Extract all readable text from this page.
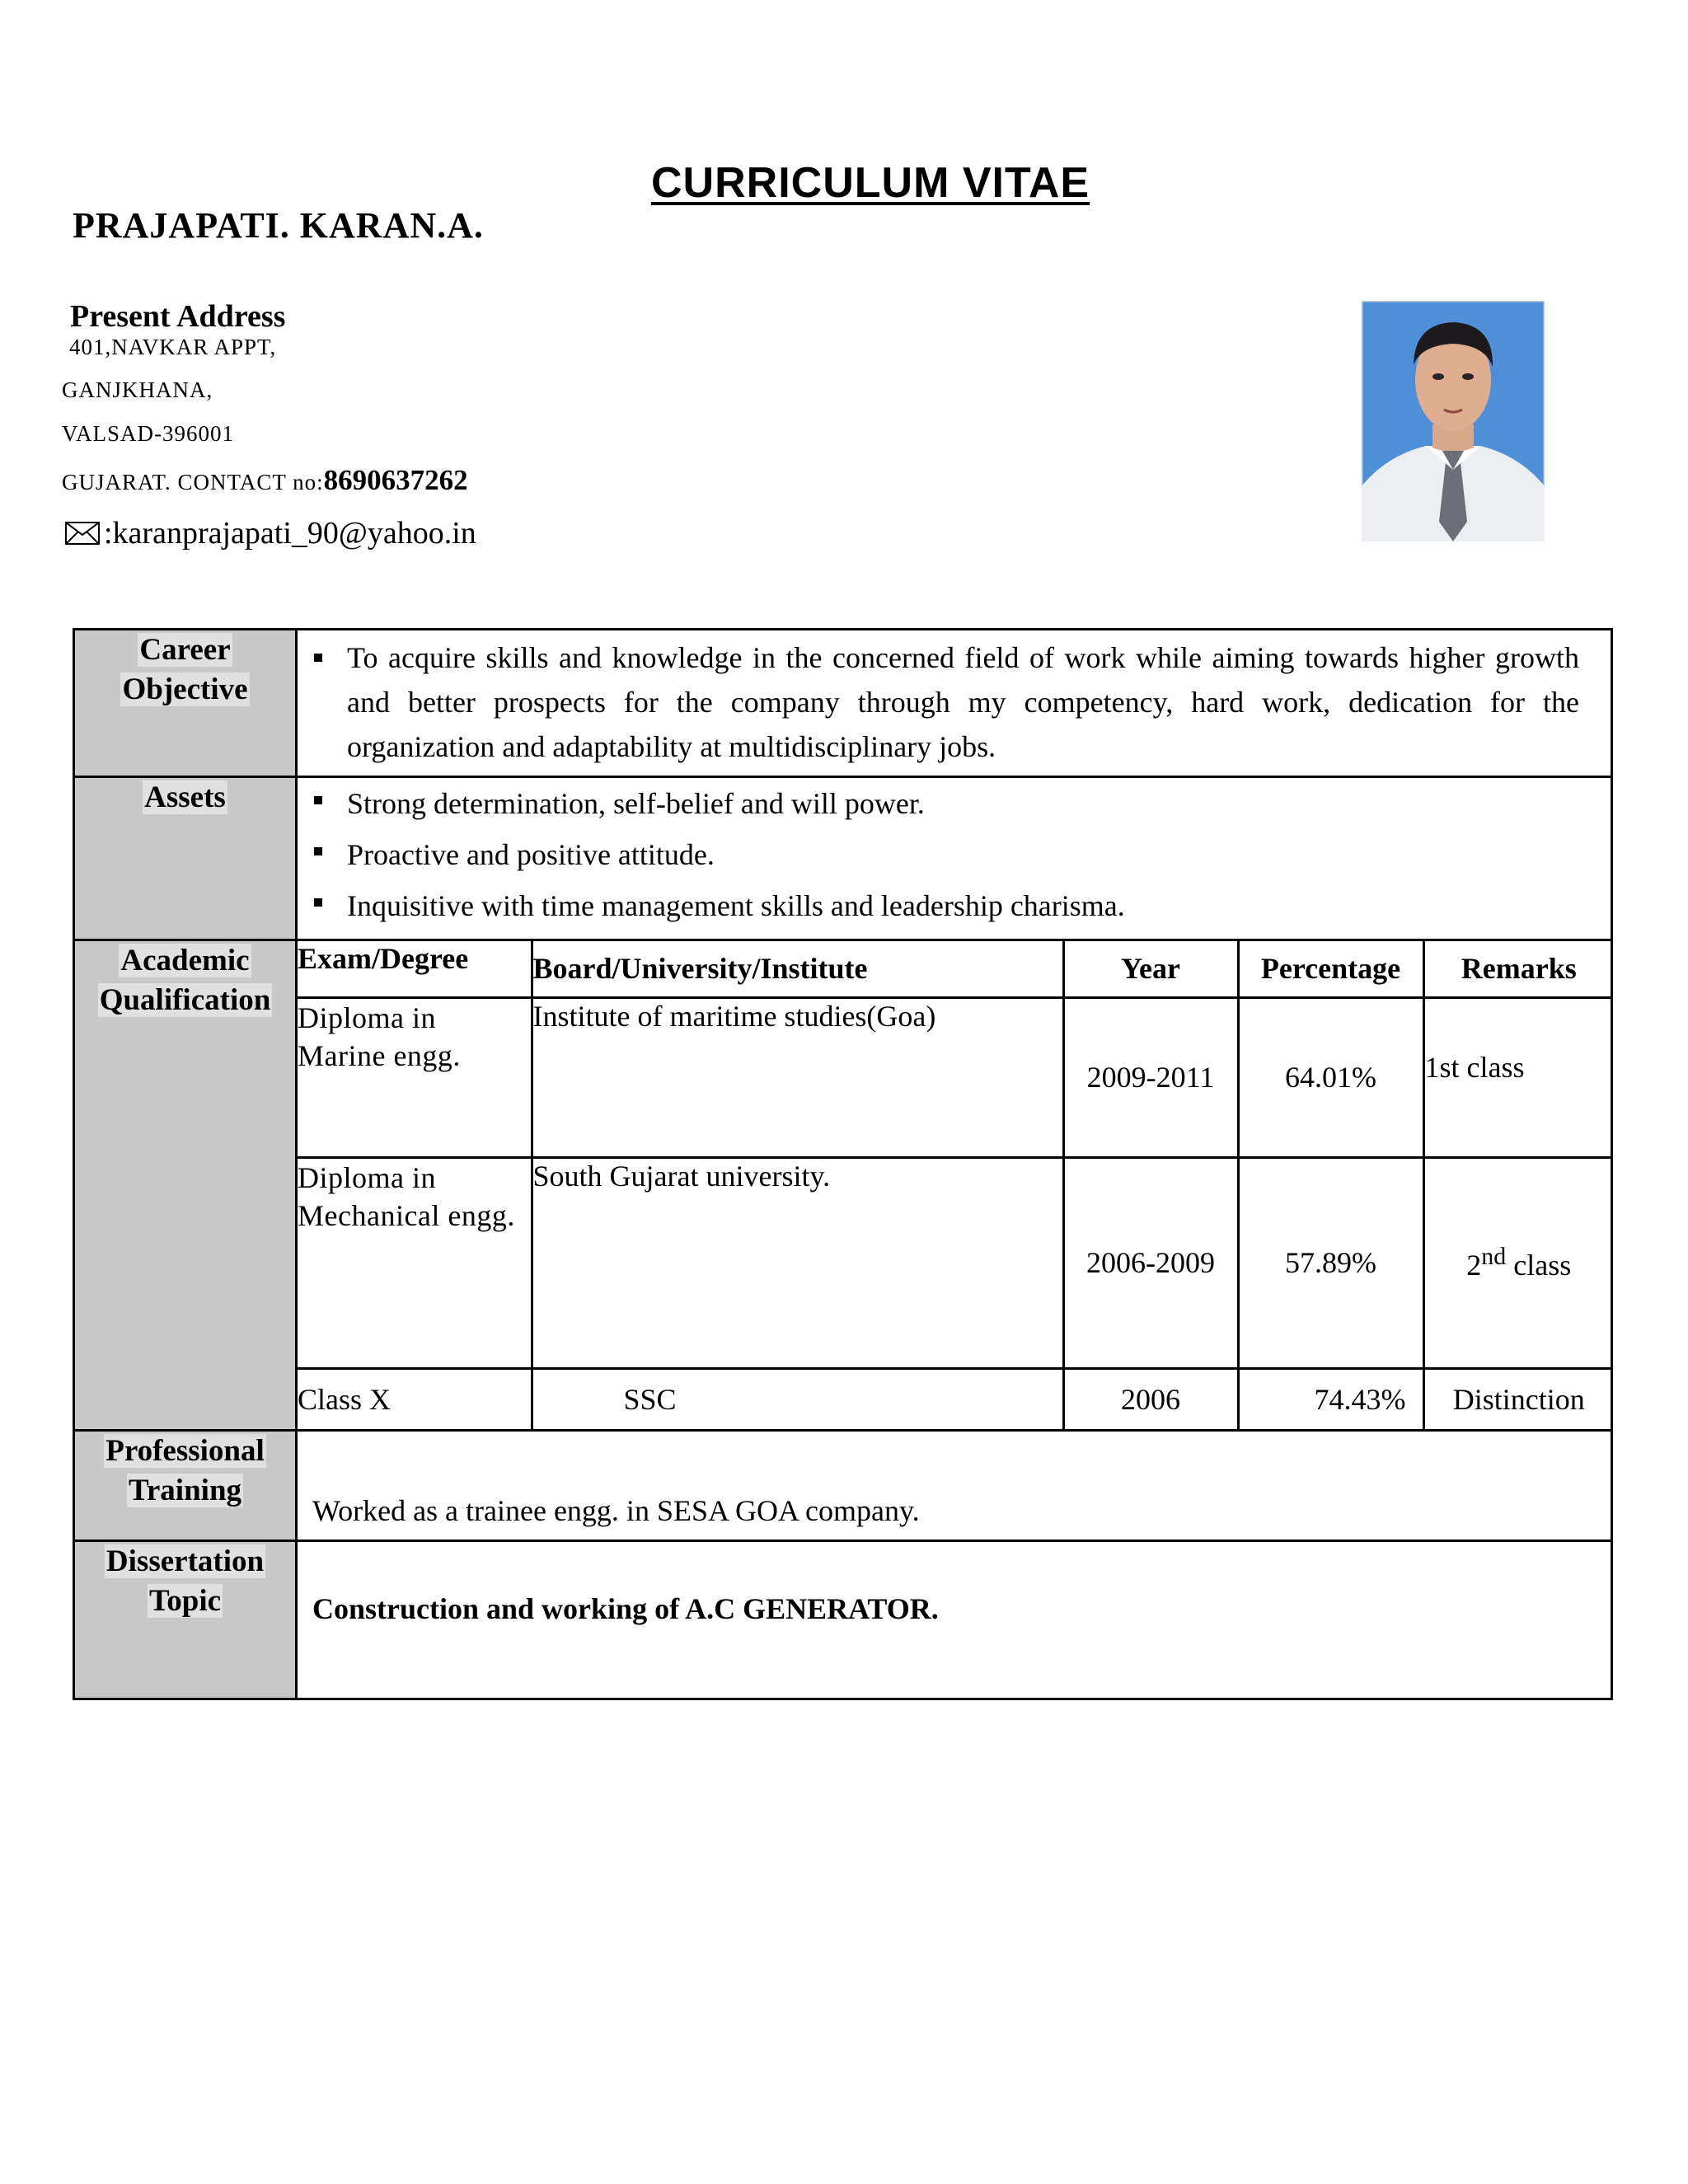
CURRICULUM VITAE
PRAJAPATI. KARAN.A.
Present Address
401,NAVKAR APPT,
GANJKHANA,
VALSAD-396001
GUJARAT. CONTACT no:8690637262
:karanprajapati_90@yahoo.in
Career
Objective	
To acquire skills and knowledge in the concerned field of work while aiming towards higher growth and better prospects for the company through my competency, hard work, dedication for the organization and adaptability at multidisciplinary jobs.

Assets	Strong determination, self-belief and will power.
Proactive and positive attitude.
Inquisitive with time management skills and leadership charisma.

Academic
Qualification	
Exam/Degree	Board/University/Institute	Year	Percentage	Remarks
Diploma in
Marine engg.	Institute of maritime studies(Goa)	2009-2011	64.01%	1st class
Diploma in
Mechanical engg.	South Gujarat university.	2006-2009	57.89%	2nd class
Class X	SSC	2006	74.43%	Distinction

Professional
Training	Worked as a trainee engg. in SESA GOA company.
Dissertation
Topic	Construction and working of A.C GENERATOR.
